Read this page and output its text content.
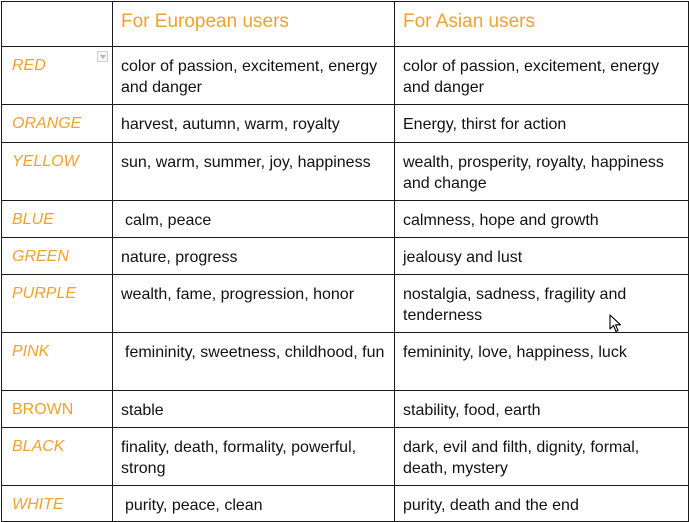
	For European users	For Asian users
RED	color of passion, excitement, energy and danger	color of passion, excitement, energy and danger
ORANGE	harvest, autumn, warm, royalty	Energy, thirst for action
YELLOW	sun, warm, summer, joy, happiness	wealth, prosperity, royalty, happiness and change
BLUE	calm, peace	calmness, hope and growth
GREEN	nature, progress	jealousy and lust
PURPLE	wealth, fame, progression, honor	nostalgia, sadness, fragility and tenderness
PINK	femininity, sweetness, childhood, fun	femininity, love, happiness, luck
BROWN	stable	stability, food, earth
BLACK	finality, death, formality, powerful, strong	dark, evil and filth, dignity, formal, death, mystery
WHITE	purity, peace, clean	purity, death and the end
